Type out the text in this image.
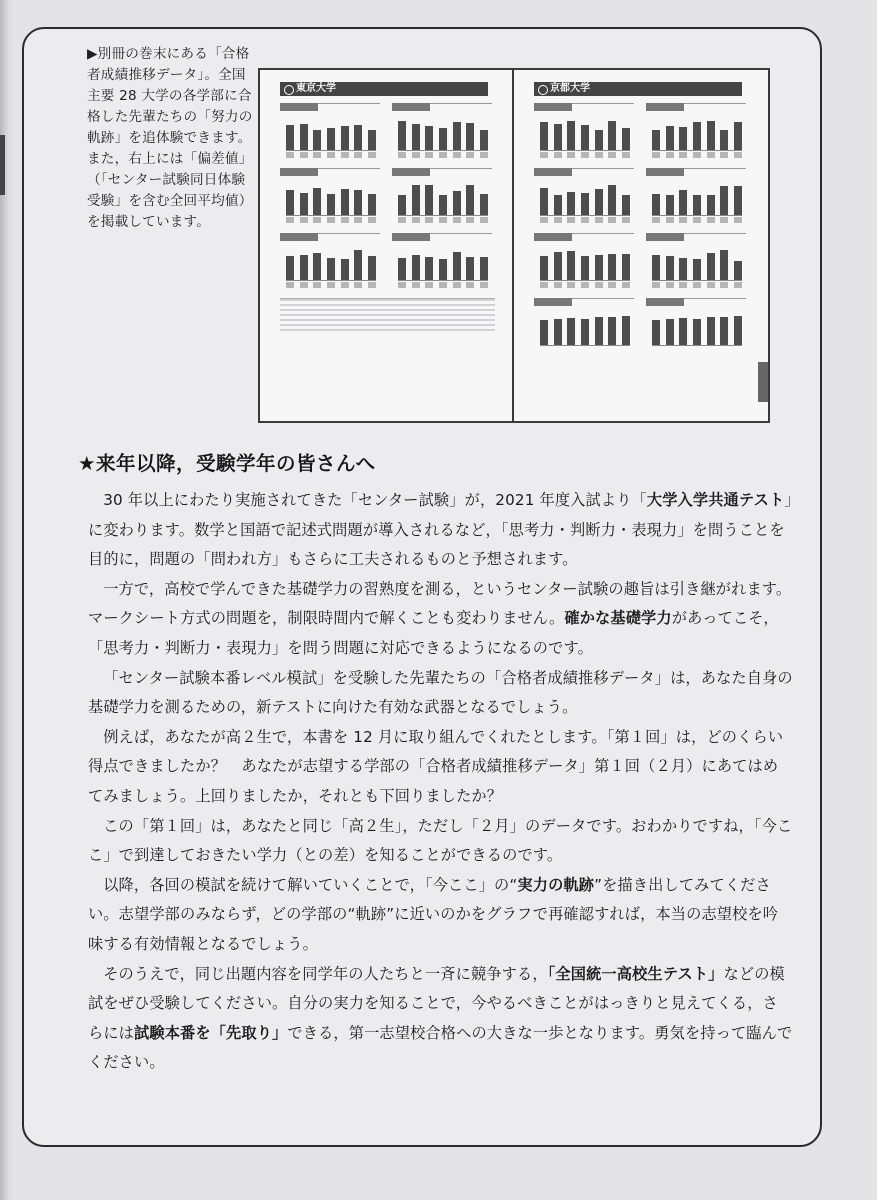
▶別冊の巻末にある「合格者成績推移データ」。全国主要 28 大学の各学部に合格した先輩たちの「努力の軌跡」を追体験できます。また，右上には「偏差値」（「センター試験同日体験受験」を含む全回平均値）を掲載しています。
東京大学	京都大学
★来年以降，受験学年の皆さんへ

30 年以上にわたり実施されてきた「センター試験」が，2021 年度入試より「大学入学共通テスト」に変わります。数学と国語で記述式問題が導入されるなど，「思考力・判断力・表現力」を問うことを目的に，問題の「問われ方」もさらに工夫されるものと予想されます。

一方で，高校で学んできた基礎学力の習熟度を測る，というセンター試験の趣旨は引き継がれます。マークシート方式の問題を，制限時間内で解くことも変わりません。確かな基礎学力があってこそ，「思考力・判断力・表現力」を問う問題に対応できるようになるのです。

「センター試験本番レベル模試」を受験した先輩たちの「合格者成績推移データ」は，あなた自身の基礎学力を測るための，新テストに向けた有効な武器となるでしょう。

例えば，あなたが高２生で，本書を 12 月に取り組んでくれたとします。「第１回」は，どのくらい得点できましたか？　あなたが志望する学部の「合格者成績推移データ」第１回（２月）にあてはめてみましょう。上回りましたか，それとも下回りましたか？

この「第１回」は，あなたと同じ「高２生」，ただし「２月」のデータです。おわかりですね，「今ここ」で到達しておきたい学力（との差）を知ることができるのです。

以降，各回の模試を続けて解いていくことで，「今ここ」の“実力の軌跡”を描き出してみてください。志望学部のみならず，どの学部の“軌跡”に近いのかをグラフで再確認すれば，本当の志望校を吟味する有効情報となるでしょう。

そのうえで，同じ出題内容を同学年の人たちと一斉に競争する，「全国統一高校生テスト」などの模試をぜひ受験してください。自分の実力を知ることで，今やるべきことがはっきりと見えてくる，さらには試験本番を「先取り」できる，第一志望校合格への大きな一歩となります。勇気を持って臨んでください。
